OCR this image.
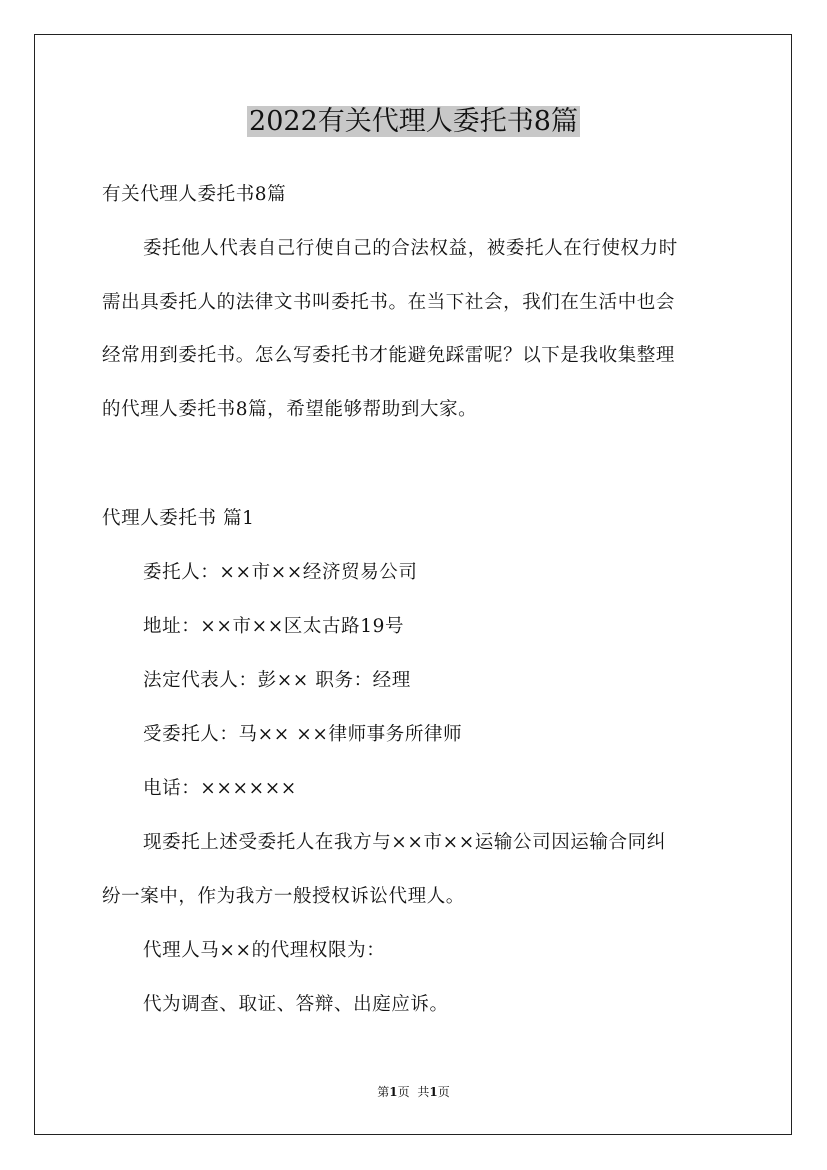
2022有关代理人委托书8篇
有关代理人委托书8篇
委托他人代表自己行使自己的合法权益，被委托人在行使权力时
需出具委托人的法律文书叫委托书。在当下社会，我们在生活中也会
经常用到委托书。怎么写委托书才能避免踩雷呢？以下是我收集整理
的代理人委托书8篇，希望能够帮助到大家。
代理人委托书 篇1
委托人：××市××经济贸易公司
地址：××市××区太古路19号
法定代表人：彭×× 职务：经理
受委托人：马×× ××律师事务所律师
电话：××××××
现委托上述受委托人在我方与××市××运输公司因运输合同纠
纷一案中，作为我方一般授权诉讼代理人。
代理人马××的代理权限为：
代为调查、取证、答辩、出庭应诉。
第1页 共1页
